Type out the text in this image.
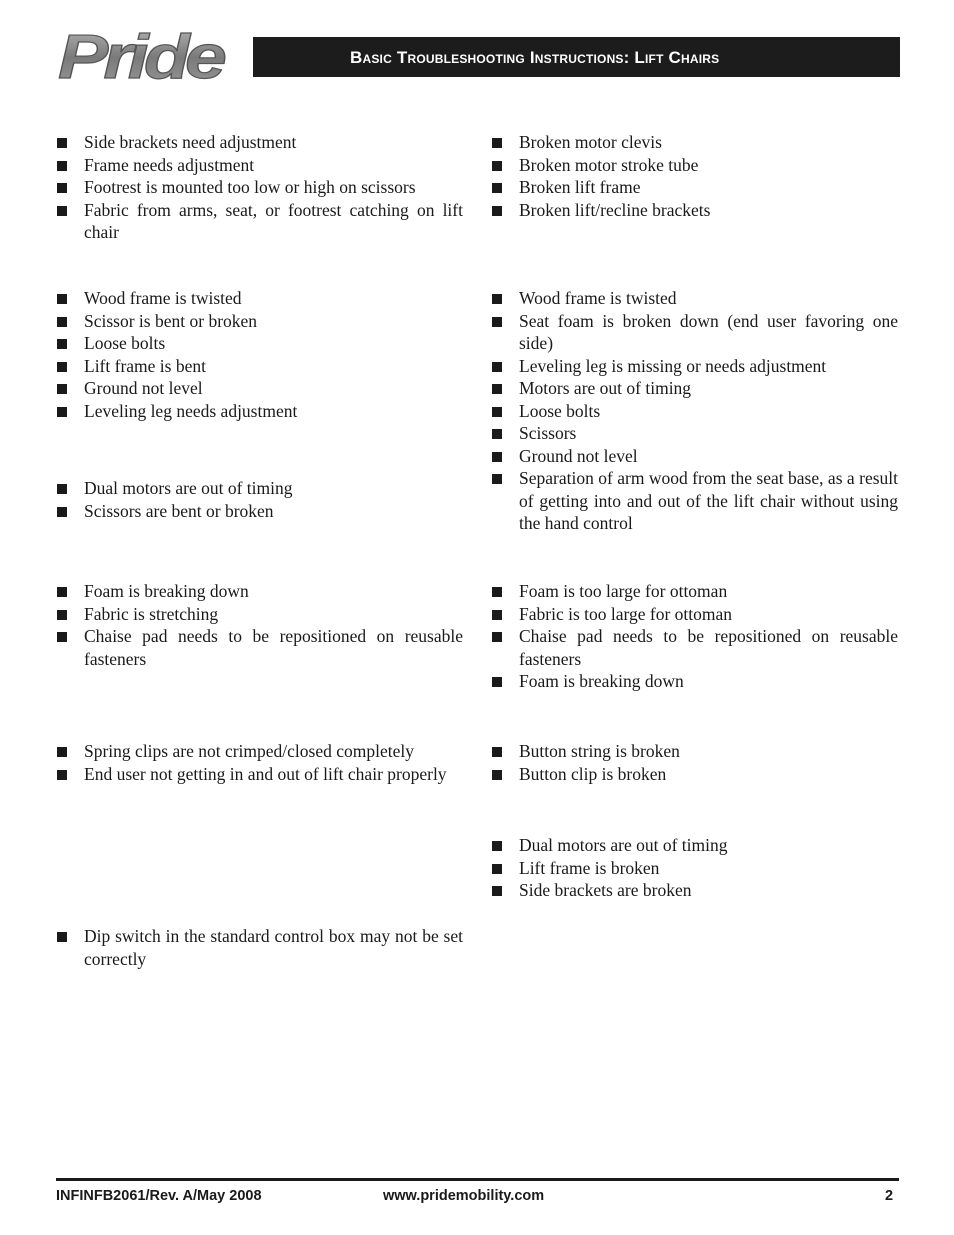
Pride	Basic Troubleshooting Instructions: Lift Chairs
Side brackets need adjustment
Frame needs adjustment
Footrest is mounted too low or high on scissors
Fabric from arms, seat, or footrest catching on lift chair
Broken motor clevis
Broken motor stroke tube
Broken lift frame
Broken lift/recline brackets
Wood frame is twisted
Scissor is bent or broken
Loose bolts
Lift frame is bent
Ground not level
Leveling leg needs adjustment
Wood frame is twisted
Seat foam is broken down (end user favoring one side)
Leveling leg is missing or needs adjustment
Motors are out of timing
Loose bolts
Scissors
Ground not level
Separation of arm wood from the seat base, as a result of getting into and out of the lift chair without using the hand control
Dual motors are out of timing
Scissors are bent or broken
Foam is breaking down
Fabric is stretching
Chaise pad needs to be repositioned on reusable fasteners
Foam is too large for ottoman
Fabric is too large for ottoman
Chaise pad needs to be repositioned on reusable fasteners
Foam is breaking down
Spring clips are not crimped/closed completely
End user not getting in and out of lift chair properly
Button string is broken
Button clip is broken
Dual motors are out of timing
Lift frame is broken
Side brackets are broken
Dip switch in the standard control box may not be set correctly
INFINFB2061/Rev. A/May 2008	www.pridemobility.com	2
